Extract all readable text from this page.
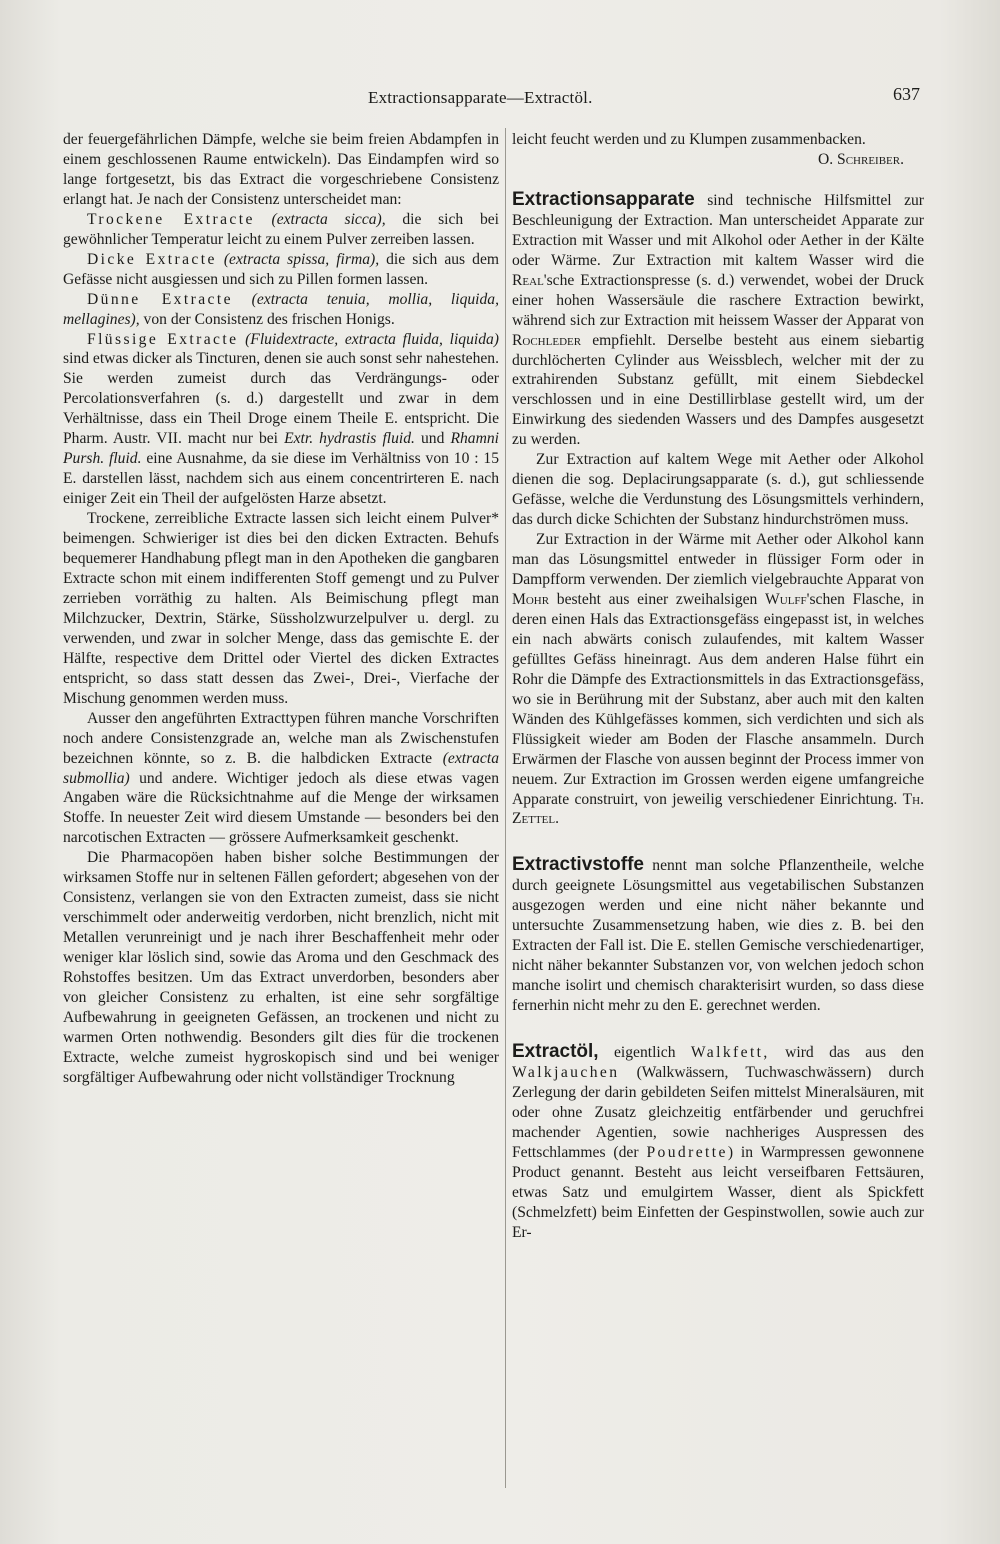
Extractionsapparate—Extractöl.	637

der feuergefährlichen Dämpfe, welche sie beim freien Abdampfen in einem geschlossenen Raume entwickeln). Das Eindampfen wird so lange fortgesetzt, bis das Extract die vorgeschriebene Consistenz erlangt hat. Je nach der Consistenz unterscheidet man:

Trockene Extracte (extracta sicca), die sich bei gewöhnlicher Temperatur leicht zu einem Pulver zerreiben lassen.

Dicke Extracte (extracta spissa, firma), die sich aus dem Gefässe nicht ausgiessen und sich zu Pillen formen lassen.

Dünne Extracte (extracta tenuia, mollia, liquida, mellagines), von der Consistenz des frischen Honigs.

Flüssige Extracte (Fluidextracte, extracta fluida, liquida) sind etwas dicker als Tincturen, denen sie auch sonst sehr nahestehen. Sie werden zumeist durch das Verdrängungs- oder Percolationsverfahren (s. d.) dargestellt und zwar in dem Verhältnisse, dass ein Theil Droge einem Theile E. entspricht. Die Pharm. Austr. VII. macht nur bei Extr. hydrastis fluid. und Rhamni Pursh. fluid. eine Ausnahme, da sie diese im Verhältniss von 10 : 15 E. darstellen lässt, nachdem sich aus einem concentrirteren E. nach einiger Zeit ein Theil der aufgelösten Harze absetzt.

Trockene, zerreibliche Extracte lassen sich leicht einem Pulver* beimengen. Schwieriger ist dies bei den dicken Extracten. Behufs bequemerer Handhabung pflegt man in den Apotheken die gangbaren Extracte schon mit einem indifferenten Stoff gemengt und zu Pulver zerrieben vorräthig zu halten. Als Beimischung pflegt man Milchzucker, Dextrin, Stärke, Süssholzwurzelpulver u. dergl. zu verwenden, und zwar in solcher Menge, dass das gemischte E. der Hälfte, respective dem Drittel oder Viertel des dicken Extractes entspricht, so dass statt dessen das Zwei-, Drei-, Vierfache der Mischung genommen werden muss.

Ausser den angeführten Extracttypen führen manche Vorschriften noch andere Consistenzgrade an, welche man als Zwischenstufen bezeichnen könnte, so z. B. die halbdicken Extracte (extracta submollia) und andere. Wichtiger jedoch als diese etwas vagen Angaben wäre die Rücksichtnahme auf die Menge der wirksamen Stoffe. In neuester Zeit wird diesem Umstande — besonders bei den narcotischen Extracten — grössere Aufmerksamkeit geschenkt.

Die Pharmacopöen haben bisher solche Bestimmungen der wirksamen Stoffe nur in seltenen Fällen gefordert; abgesehen von der Consistenz, verlangen sie von den Extracten zumeist, dass sie nicht verschimmelt oder anderweitig verdorben, nicht brenzlich, nicht mit Metallen verunreinigt und je nach ihrer Beschaffenheit mehr oder weniger klar löslich sind, sowie das Aroma und den Geschmack des Rohstoffes besitzen. Um das Extract unverdorben, besonders aber von gleicher Consistenz zu erhalten, ist eine sehr sorgfältige Aufbewahrung in geeigneten Gefässen, an trockenen und nicht zu warmen Orten nothwendig. Besonders gilt dies für die trockenen Extracte, welche zumeist hygroskopisch sind und bei weniger sorgfältiger Aufbewahrung oder nicht vollständiger Trocknung

leicht feucht werden und zu Klumpen zusammenbacken.
O. Schreiber.

Extractionsapparate sind technische Hilfsmittel zur Beschleunigung der Extraction. Man unterscheidet Apparate zur Extraction mit Wasser und mit Alkohol oder Aether in der Kälte oder Wärme. Zur Extraction mit kaltem Wasser wird die Real'sche Extractionspresse (s. d.) verwendet, wobei der Druck einer hohen Wassersäule die raschere Extraction bewirkt, während sich zur Extraction mit heissem Wasser der Apparat von Rochleder empfiehlt. Derselbe besteht aus einem siebartig durchlöcherten Cylinder aus Weissblech, welcher mit der zu extrahirenden Substanz gefüllt, mit einem Siebdeckel verschlossen und in eine Destillirblase gestellt wird, um der Einwirkung des siedenden Wassers und des Dampfes ausgesetzt zu werden.

Zur Extraction auf kaltem Wege mit Aether oder Alkohol dienen die sog. Deplacirungsapparate (s. d.), gut schliessende Gefässe, welche die Verdunstung des Lösungsmittels verhindern, das durch dicke Schichten der Substanz hindurchströmen muss.

Zur Extraction in der Wärme mit Aether oder Alkohol kann man das Lösungsmittel entweder in flüssiger Form oder in Dampfform verwenden. Der ziemlich vielgebrauchte Apparat von Mohr besteht aus einer zweihalsigen Wulff'schen Flasche, in deren einen Hals das Extractionsgefäss eingepasst ist, in welches ein nach abwärts conisch zulaufendes, mit kaltem Wasser gefülltes Gefäss hineinragt. Aus dem anderen Halse führt ein Rohr die Dämpfe des Extractionsmittels in das Extractionsgefäss, wo sie in Berührung mit der Substanz, aber auch mit den kalten Wänden des Kühlgefässes kommen, sich verdichten und sich als Flüssigkeit wieder am Boden der Flasche ansammeln. Durch Erwärmen der Flasche von aussen beginnt der Process immer von neuem. Zur Extraction im Grossen werden eigene umfangreiche Apparate construirt, von jeweilig verschiedener Einrichtung. Th. Zettel.

Extractivstoffe nennt man solche Pflanzentheile, welche durch geeignete Lösungsmittel aus vegetabilischen Substanzen ausgezogen werden und eine nicht näher bekannte und untersuchte Zusammensetzung haben, wie dies z. B. bei den Extracten der Fall ist. Die E. stellen Gemische verschiedenartiger, nicht näher bekannter Substanzen vor, von welchen jedoch schon manche isolirt und chemisch charakterisirt wurden, so dass diese fernerhin nicht mehr zu den E. gerechnet werden.

Extractöl, eigentlich Walkfett, wird das aus den Walkjauchen (Walkwässern, Tuchwaschwässern) durch Zerlegung der darin gebildeten Seifen mittelst Mineralsäuren, mit oder ohne Zusatz gleichzeitig entfärbender und geruchfrei machender Agentien, sowie nachheriges Auspressen des Fettschlammes (der Poudrette) in Warmpressen gewonnene Product genannt. Besteht aus leicht verseifbaren Fettsäuren, etwas Satz und emulgirtem Wasser, dient als Spickfett (Schmelzfett) beim Einfetten der Gespinstwollen, sowie auch zur Er-
